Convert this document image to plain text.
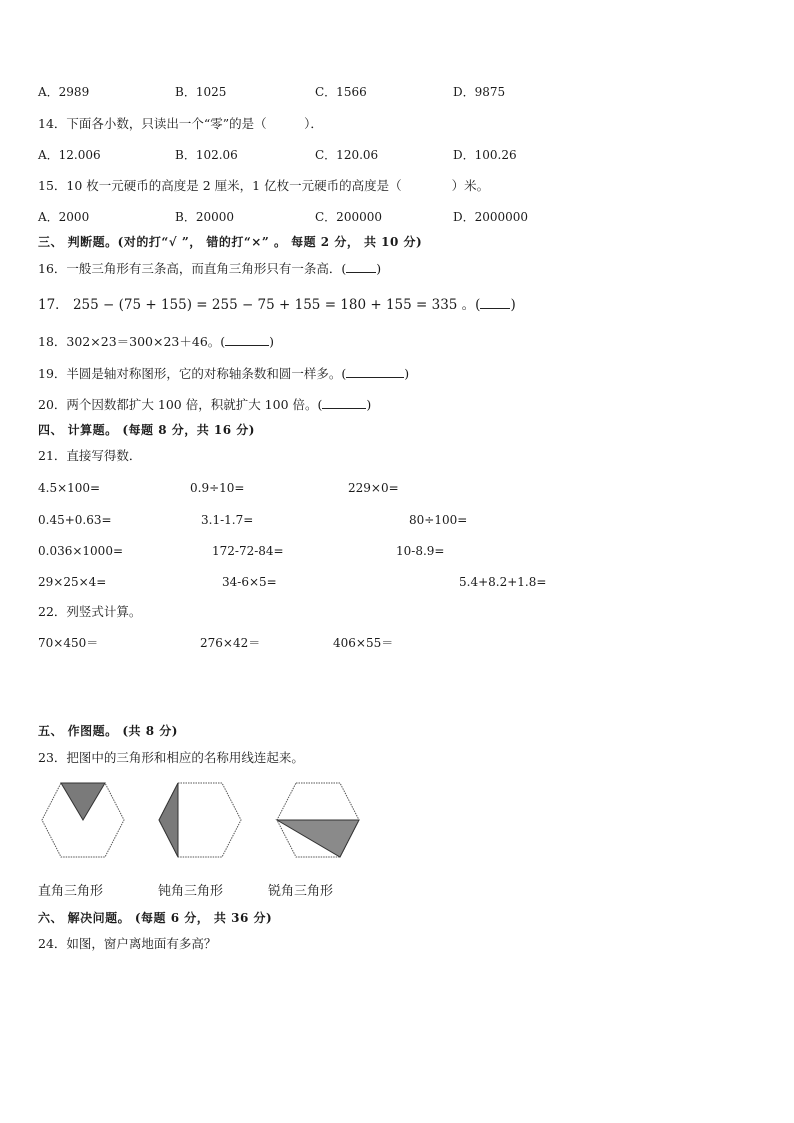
A．2989	B．1025	C．1566	D．9875
14．下面各小数，只读出一个“零”的是（　　　）．
A．12.006	B．102.06	C．120.06	D．100.26
15．10 枚一元硬币的高度是 2 厘米，1 亿枚一元硬币的高度是（　　　　）米。
A．2000	B．20000	C．200000	D．2000000
三、 判断题。(对的打“√ ”， 错的打“×” 。 每题 2 分， 共 10 分)
16．一般三角形有三条高，而直角三角形只有一条高．( )
17． 255 − (75 + 155) = 255 − 75 + 155 = 180 + 155 = 335 。( )
18．302×23＝300×23＋46。(	)
19．半圆是轴对称图形，它的对称轴条数和圆一样多。(	)
20．两个因数都扩大 100 倍，积就扩大 100 倍。(	)
四、 计算题。 (每题 8 分，共 16 分)
21．直接写得数．
4.5×100=	0.9÷10=	229×0=
0.45+0.63=	3.1-1.7=	80÷100=
0.036×1000=	172-72-84=	10-8.9=
29×25×4=	34-6×5=	5.4+8.2+1.8=
22．列竖式计算。
70×450＝	276×42＝	406×55＝
五、 作图题。 (共 8 分)
23．把图中的三角形和相应的名称用线连起来。
直角三角形	钝角三角形	锐角三角形
六、 解决问题。 (每题 6 分， 共 36 分)
24．如图，窗户离地面有多高？
